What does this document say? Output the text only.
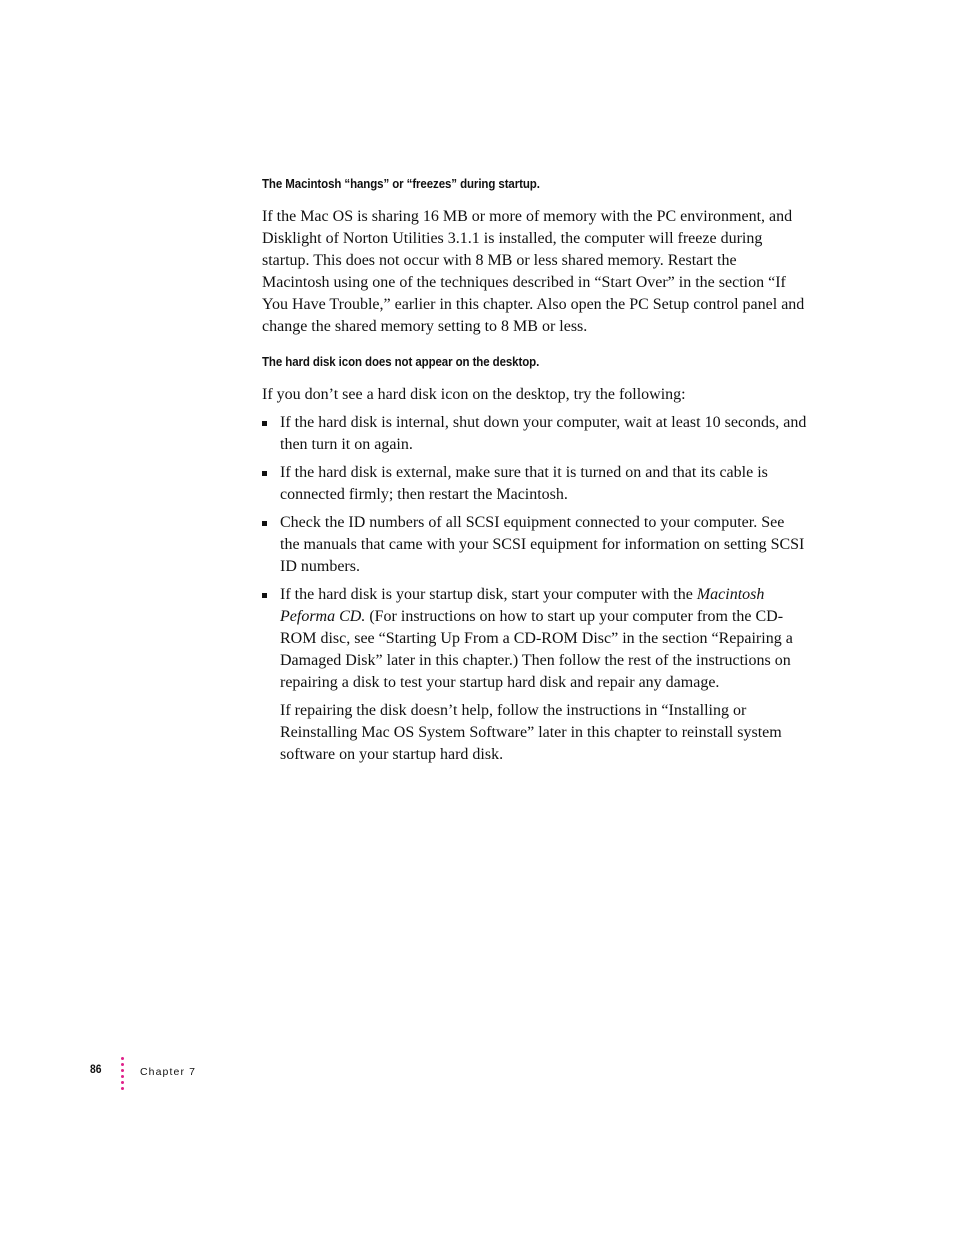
The Macintosh “hangs” or “freezes” during startup.

If the Mac OS is sharing 16 MB or more of memory with the PC environment, and Disklight of Norton Utilities 3.1.1 is installed, the computer will freeze during startup. This does not occur with 8 MB or less shared memory. Restart the Macintosh using one of the techniques described in “Start Over” in the section “If You Have Trouble,” earlier in this chapter. Also open the PC Setup control panel and change the shared memory setting to 8 MB or less.

The hard disk icon does not appear on the desktop.

If you don’t see a hard disk icon on the desktop, try the following:

If the hard disk is internal, shut down your computer, wait at least 10 seconds, and then turn it on again.
If the hard disk is external, make sure that it is turned on and that its cable is connected firmly; then restart the Macintosh.
Check the ID numbers of all SCSI equipment connected to your computer. See the manuals that came with your SCSI equipment for information on setting SCSI ID numbers.
If the hard disk is your startup disk, start your computer with the Macintosh Peforma CD. (For instructions on how to start up your computer from the CD-ROM disc, see “Starting Up From a CD-ROM Disc” in the section “Repairing a Damaged Disk” later in this chapter.) Then follow the rest of the instructions on repairing a disk to test your startup hard disk and repair any damage.

If repairing the disk doesn’t help, follow the instructions in “Installing or Reinstalling Mac OS System Software” later in this chapter to reinstall system software on your startup hard disk.

86	Chapter 7
